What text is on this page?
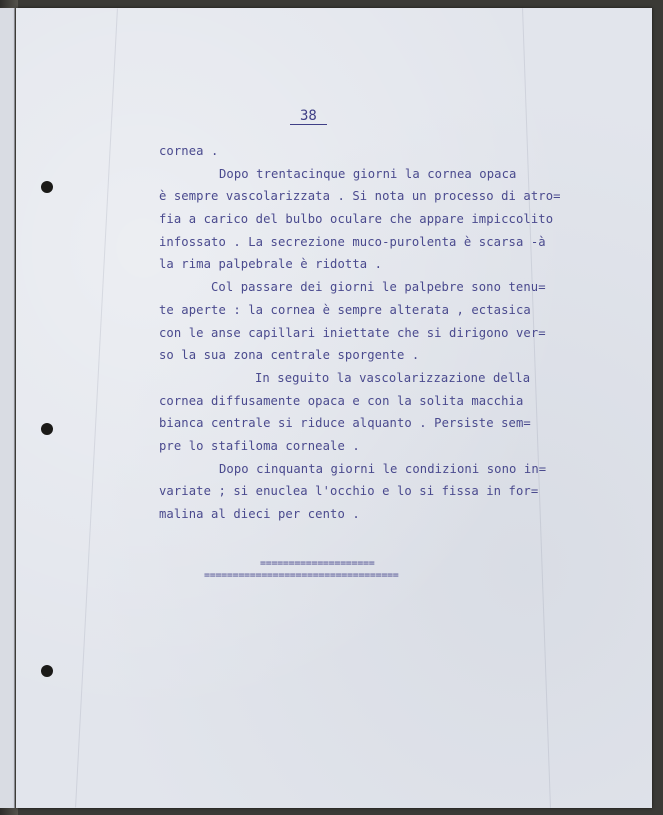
38
cornea .
Dopo trentacinque giorni la cornea opaca
è sempre vascolarizzata . Si nota un processo di atro=
fia a carico del bulbo oculare che appare impiccolito
infossato . La secrezione muco-purolenta è scarsa -à
la rima palpebrale è ridotta .
Col passare dei giorni le palpebre sono tenu=
te aperte : la cornea è sempre alterata , ectasica
con le anse capillari iniettate che si dirigono ver=
so la sua zona centrale sporgente .
In seguito la vascolarizzazione della
cornea diffusamente opaca e con la solita macchia
bianca centrale si riduce alquanto . Persiste sem=
pre lo stafiloma corneale .
Dopo cinquanta giorni le condizioni sono in=
variate ; si enuclea l'occhio e lo si fissa in for=
malina al dieci per cento .
====================
==================================
